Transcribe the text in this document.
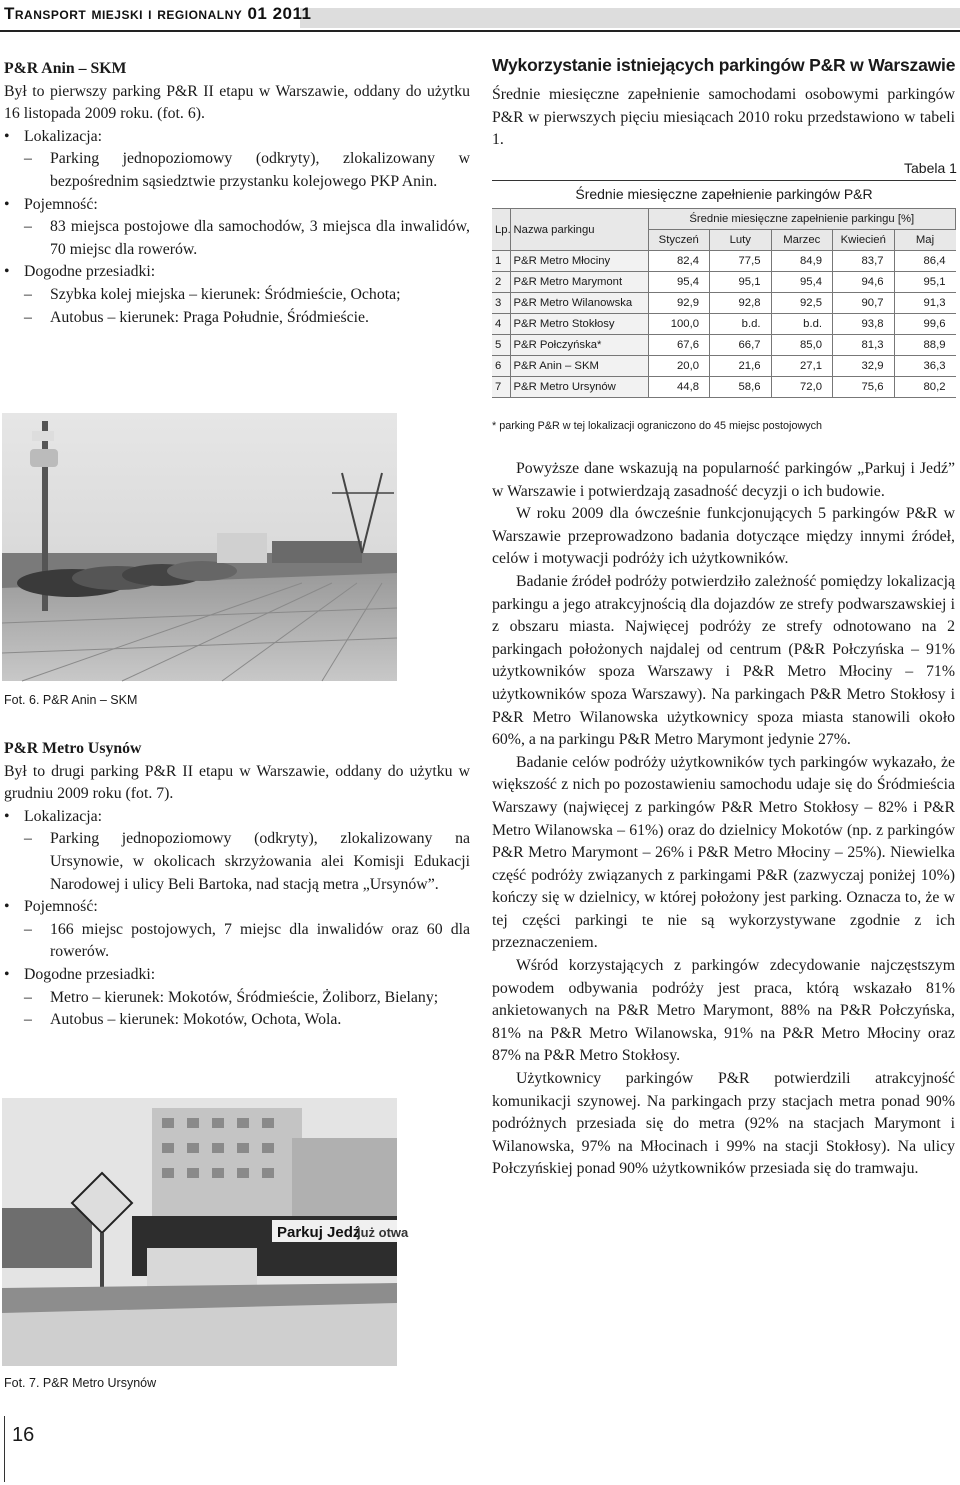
Transport miejski i regionalny 01 2011
P&R Anin – SKM
Był to pierwszy parking P&R II etapu w Warszawie, oddany do użytku 16 listopada 2009 roku. (fot. 6).
• Lokalizacja:
–	Parking jednopoziomowy (odkryty), zlokalizowany w bezpośrednim sąsiedztwie przystanku kolejowego PKP Anin.
• Pojemność:
–	83 miejsca postojowe dla samochodów, 3 miejsca dla inwalidów, 70 miejsc dla rowerów.
• Dogodne przesiadki:
–	Szybka kolej miejska – kierunek: Śródmieście, Ochota;
–	Autobus – kierunek: Praga Południe, Śródmieście.
Fot. 6. P&R Anin – SKM
P&R Metro Usynów
Był to drugi parking P&R II etapu w Warszawie, oddany do użytku w grudniu 2009 roku (fot. 7).
• Lokalizacja:
–	Parking jednopoziomowy (odkryty), zlokalizowany na Ursynowie, w okolicach skrzyżowania alei Komisji Edukacji Narodowej i ulicy Beli Bartoka, nad stacją metra „Ursynów”.
• Pojemność:
–	166 miejsc postojowych, 7 miejsc dla inwalidów oraz 60 dla rowerów.
• Dogodne przesiadki:
–	Metro – kierunek: Mokotów, Śródmieście, Żoliborz, Bielany;
–	Autobus – kierunek: Mokotów, Ochota, Wola.
Parkuj Jedź
już otwa
Fot. 7. P&R Metro Ursynów
16
Wykorzystanie istniejących parkingów P&R w Warszawie
Średnie miesięczne zapełnienie samochodami osobowymi parkingów P&R w pierwszych pięciu miesiącach 2010 roku przedstawiono w tabeli 1.
Tabela 1
Średnie miesięczne zapełnienie parkingów P&R
Lp.	Nazwa parkingu	Średnie miesięczne zapełnienie parkingu [%]				
		Styczeń	Luty	Marzec	Kwiecień	Maj
1	P&R Metro Młociny	82,4	77,5	84,9	83,7	86,4
2	P&R Metro Marymont	95,4	95,1	95,4	94,6	95,1
3	P&R Metro Wilanowska	92,9	92,8	92,5	90,7	91,3
4	P&R Metro Stokłosy	100,0	b.d.	b.d.	93,8	99,6
5	P&R Połczyńska*	67,6	66,7	85,0	81,3	88,9
6	P&R Anin – SKM	20,0	21,6	27,1	32,9	36,3
7	P&R Metro Ursynów	44,8	58,6	72,0	75,6	80,2
* parking P&R w tej lokalizacji ograniczono do 45 miejsc postojowych
Powyższe dane wskazują na popularność parkingów „Parkuj i Jedź” w Warszawie i potwierdzają zasadność decyzji o ich budowie.
W roku 2009 dla ówcześnie funkcjonujących 5 parkingów P&R w Warszawie przeprowadzono badania dotyczące między innymi źródeł, celów i motywacji podróży ich użytkowników.
Badanie źródeł podróży potwierdziło zależność pomiędzy lokalizacją parkingu a jego atrakcyjnością dla dojazdów ze strefy podwarszawskiej i z obszaru miasta. Najwięcej podróży ze strefy odnotowano na 2 parkingach położonych najdalej od centrum (P&R Połczyńska – 91% użytkowników spoza Warszawy i P&R Metro Młociny – 71% użytkowników spoza Warszawy). Na parkingach P&R Metro Stokłosy i P&R Metro Wilanowska użytkownicy spoza miasta stanowili około 60%, a na parkingu P&R Metro Marymont jedynie 27%.
Badanie celów podróży użytkowników tych parkingów wykazało, że większość z nich po pozostawieniu samochodu udaje się do Śródmieścia Warszawy (najwięcej z parkingów P&R Metro Stokłosy – 82% i P&R Metro Wilanowska – 61%) oraz do dzielnicy Mokotów (np. z parkingów P&R Metro Marymont – 26% i P&R Metro Młociny – 25%). Niewielka część podróży związanych z parkingami P&R (zazwyczaj poniżej 10%) kończy się w dzielnicy, w której położony jest parking. Oznacza to, że w tej części parkingi te nie są wykorzystywane zgodnie z ich przeznaczeniem.
Wśród korzystających z parkingów zdecydowanie najczęstszym powodem odbywania podróży jest praca, którą wskazało 81% ankietowanych na P&R Metro Marymont, 88% na P&R Połczyńska, 81% na P&R Metro Wilanowska, 91% na P&R Metro Młociny oraz 87% na P&R Metro Stokłosy.
Użytkownicy parkingów P&R potwierdzili atrakcyjność komunikacji szynowej. Na parkingach przy stacjach metra ponad 90% podróżnych przesiada się do metra (92% na stacjach Marymont i Wilanowska, 97% na Młocinach i 99% na stacji Stokłosy). Na ulicy Połczyńskiej ponad 90% użytkowników przesiada się do tramwaju.
